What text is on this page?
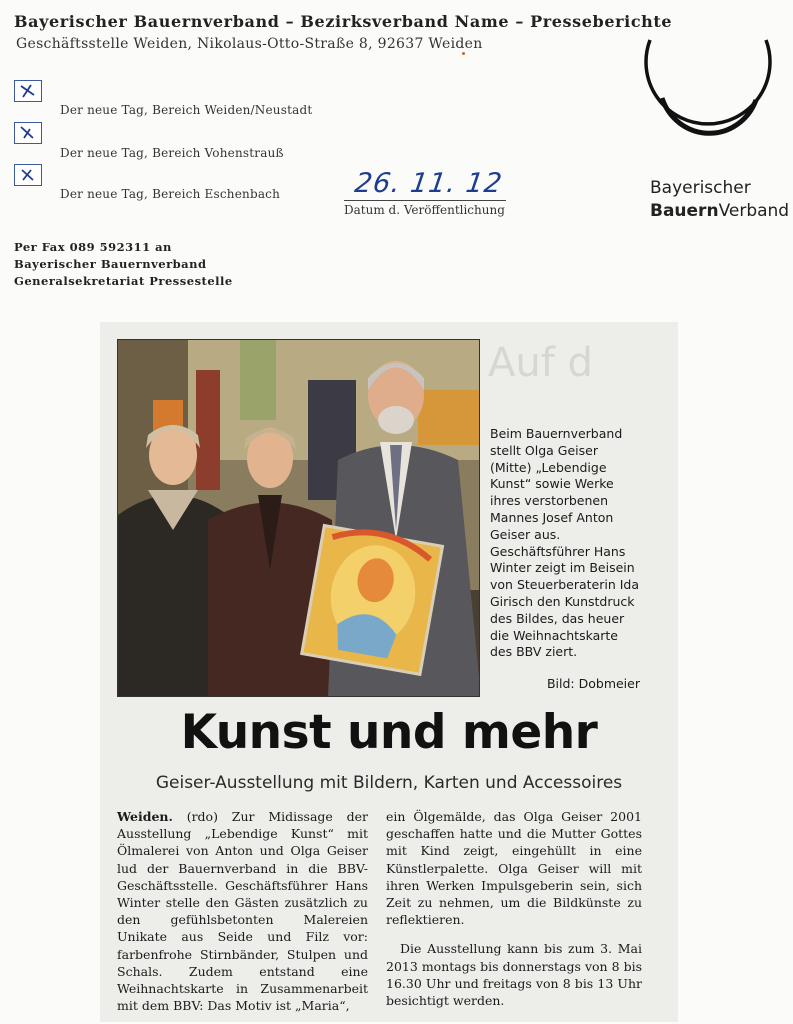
Bayerischer Bauernverband – Bezirksverband Name – Presseberichte
Geschäftsstelle Weiden, Nikolaus-Otto-Straße 8, 92637 Weiden
Der neue Tag, Bereich Weiden/Neustadt
Der neue Tag, Bereich Vohenstrauß
Der neue Tag, Bereich Eschenbach	26. 11. 12
Datum d. Veröffentlichung
Bayerischer
BauernVerband
Per Fax 089 592311 an
Bayerischer Bauernverband
Generalsekretariat Pressestelle
Auf d
Beim Bauernverband stellt Olga Geiser (Mitte) „Lebendige Kunst“ sowie Werke ihres verstorbenen Mannes Josef Anton Geiser aus. Geschäftsführer Hans Winter zeigt im Beisein von Steuerberaterin Ida Girisch den Kunstdruck des Bildes, das heuer die Weihnachtskarte des BBV ziert.
Bild: Dobmeier
Kunst und mehr
Geiser-Ausstellung mit Bildern, Karten und Accessoires

Weiden. (rdo) Zur Midissage der Ausstellung „Lebendige Kunst“ mit Ölmalerei von Anton und Olga Geiser lud der Bauernverband in die BBV-Geschäftsstelle. Geschäftsführer Hans Winter stelle den Gästen zusätzlich zu den gefühlsbetonten Malereien Unikate aus Seide und Filz vor: farbenfrohe Stirnbänder, Stulpen und Schals. Zudem entstand eine Weihnachtskarte in Zusammenarbeit mit dem BBV: Das Motiv ist „Maria“,

ein Ölgemälde, das Olga Geiser 2001 geschaffen hatte und die Mutter Gottes mit Kind zeigt, eingehüllt in eine Künstlerpalette. Olga Geiser will mit ihren Werken Impulsgeberin sein, sich Zeit zu nehmen, um die Bildkünste zu reflektieren.

Die Ausstellung kann bis zum 3. Mai 2013 montags bis donnerstags von 8 bis 16.30 Uhr und freitags von 8 bis 13 Uhr besichtigt werden.
